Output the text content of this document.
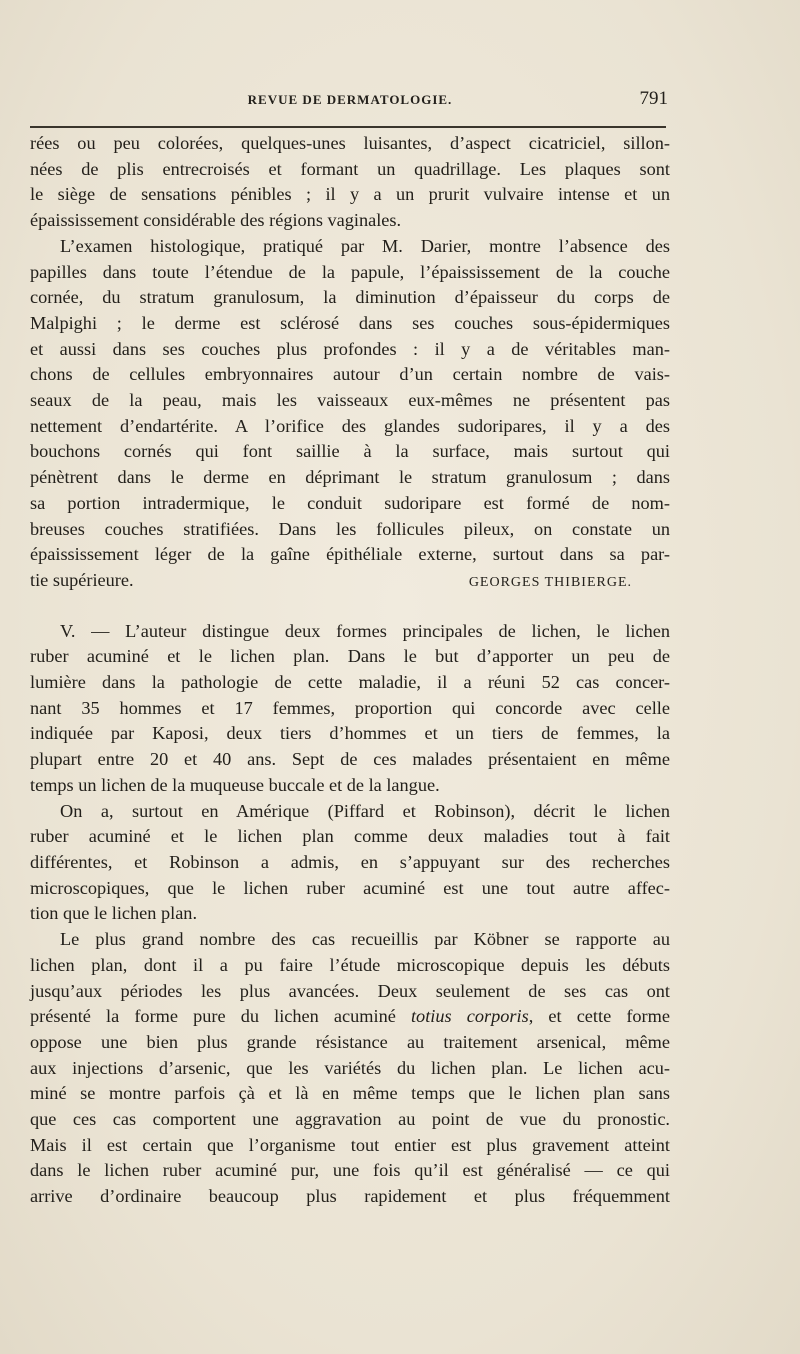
REVUE DE DERMATOLOGIE.	791

rées ou peu colorées, quelques-unes luisantes, d’aspect cicatriciel, sillon-

nées de plis entrecroisés et formant un quadrillage. Les plaques sont

le siège de sensations pénibles ; il y a un prurit vulvaire intense et un

épaississement considérable des régions vaginales.

L’examen histologique, pratiqué par M. Darier, montre l’absence des

papilles dans toute l’étendue de la papule, l’épaississement de la couche

cornée, du stratum granulosum, la diminution d’épaisseur du corps de

Malpighi ; le derme est sclérosé dans ses couches sous-épidermiques

et aussi dans ses couches plus profondes : il y a de véritables man-

chons de cellules embryonnaires autour d’un certain nombre de vais-

seaux de la peau, mais les vaisseaux eux-mêmes ne présentent pas

nettement d’endartérite. A l’orifice des glandes sudoripares, il y a des

bouchons cornés qui font saillie à la surface, mais surtout qui

pénètrent dans le derme en déprimant le stratum granulosum ; dans

sa portion intradermique, le conduit sudoripare est formé de nom-

breuses couches stratifiées. Dans les follicules pileux, on constate un

épaississement léger de la gaîne épithéliale externe, surtout dans sa par-

tie supérieure.	GEORGES THIBIERGE.

V. — L’auteur distingue deux formes principales de lichen, le lichen

ruber acuminé et le lichen plan. Dans le but d’apporter un peu de

lumière dans la pathologie de cette maladie, il a réuni 52 cas concer-

nant 35 hommes et 17 femmes, proportion qui concorde avec celle

indiquée par Kaposi, deux tiers d’hommes et un tiers de femmes, la

plupart entre 20 et 40 ans. Sept de ces malades présentaient en même

temps un lichen de la muqueuse buccale et de la langue.

On a, surtout en Amérique (Piffard et Robinson), décrit le lichen

ruber acuminé et le lichen plan comme deux maladies tout à fait

différentes, et Robinson a admis, en s’appuyant sur des recherches

microscopiques, que le lichen ruber acuminé est une tout autre affec-

tion que le lichen plan.

Le plus grand nombre des cas recueillis par Köbner se rapporte au

lichen plan, dont il a pu faire l’étude microscopique depuis les débuts

jusqu’aux périodes les plus avancées. Deux seulement de ses cas ont

présenté la forme pure du lichen acuminé totius corporis, et cette forme

oppose une bien plus grande résistance au traitement arsenical, même

aux injections d’arsenic, que les variétés du lichen plan. Le lichen acu-

miné se montre parfois çà et là en même temps que le lichen plan sans

que ces cas comportent une aggravation au point de vue du pronostic.

Mais il est certain que l’organisme tout entier est plus gravement atteint

dans le lichen ruber acuminé pur, une fois qu’il est généralisé — ce qui

arrive d’ordinaire beaucoup plus rapidement et plus fréquemment
